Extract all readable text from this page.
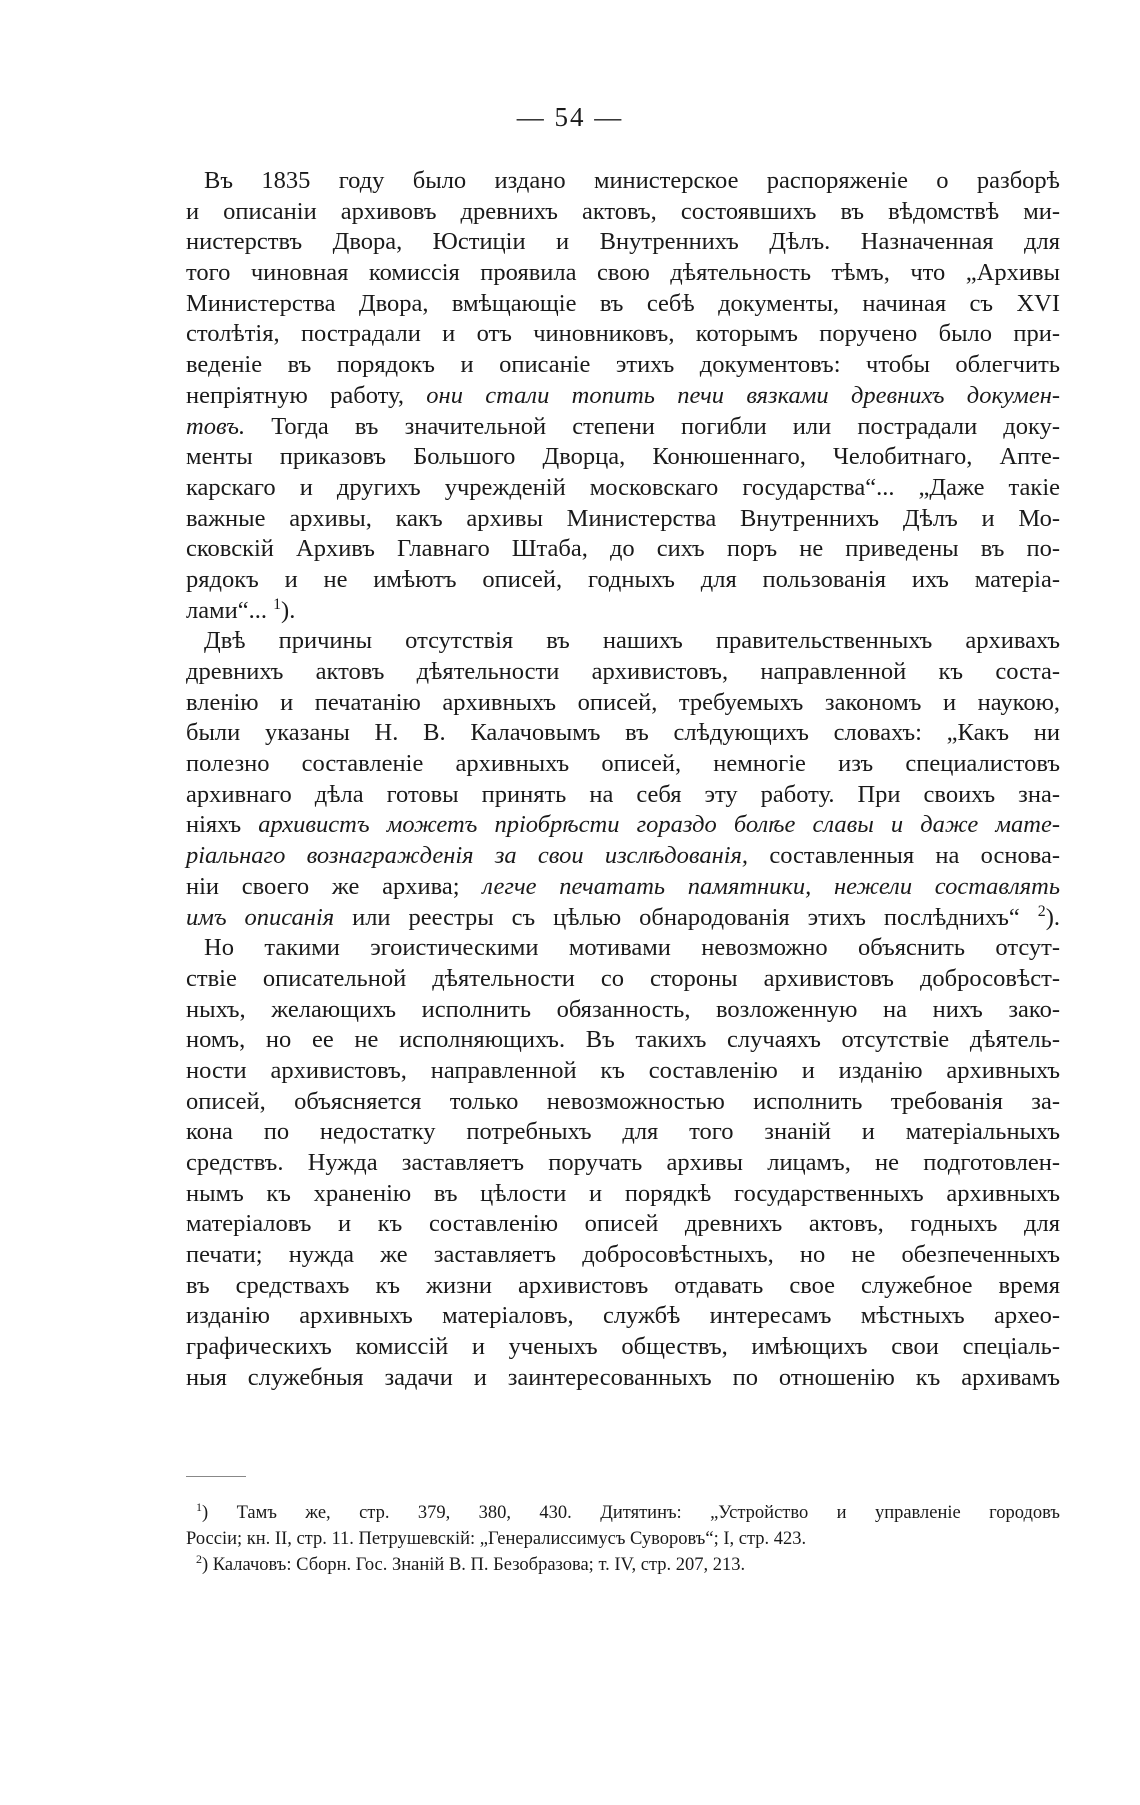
— 54 —
Въ 1835 году было издано министерское распоряженіе о разборѣ
и описаніи архивовъ древнихъ актовъ, состоявшихъ въ вѣдомствѣ ми-
нистерствъ Двора, Юстиціи и Внутреннихъ Дѣлъ. Назначенная для
того чиновная комиссія проявила свою дѣятельность тѣмъ, что „Архивы
Министерства Двора, вмѣщающіе въ себѣ документы, начиная съ XVI
столѣтія, пострадали и отъ чиновниковъ, которымъ поручено было при-
веденіе въ порядокъ и описаніе этихъ документовъ: чтобы облегчить
непріятную работу, они стали топить печи вязками древнихъ докумен-
товъ. Тогда въ значительной степени погибли или пострадали доку-
менты приказовъ Большого Дворца, Конюшеннаго, Челобитнаго, Апте-
карскаго и другихъ учрежденій московскаго государства“... „Даже такіе
важные архивы, какъ архивы Министерства Внутреннихъ Дѣлъ и Мо-
сковскій Архивъ Главнаго Штаба, до сихъ поръ не приведены въ по-
рядокъ и не имѣютъ описей, годныхъ для пользованія ихъ матеріа-
лами“... $^1$).
Двѣ причины отсутствія въ нашихъ правительственныхъ архивахъ
древнихъ актовъ дѣятельности архивистовъ, направленной къ соста-
вленію и печатанію архивныхъ описей, требуемыхъ закономъ и наукою,
были указаны Н. В. Калачовымъ въ слѣдующихъ словахъ: „Какъ ни
полезно составленіе архивныхъ описей, немногіе изъ специалистовъ
архивнаго дѣла готовы принять на себя эту работу. При своихъ зна-
ніяхъ архивистъ можетъ пріобрѣсти гораздо болѣе славы и даже мате-
ріальнаго вознагражденія за свои изслѣдованія, составленныя на основа-
ніи своего же архива; легче печатать памятники, нежели составлять
имъ описанія или реестры съ цѣлью обнародованія этихъ послѣднихъ“ $^2$).
Но такими эгоистическими мотивами невозможно объяснить отсут-
ствіе описательной дѣятельности со стороны архивистовъ добросовѣст-
ныхъ, желающихъ исполнить обязанность, возложенную на нихъ зако-
номъ, но ее не исполняющихъ. Въ такихъ случаяхъ отсутствіе дѣятель-
ности архивистовъ, направленной къ составленію и изданію архивныхъ
описей, объясняется только невозможностью исполнить требованія за-
кона по недостатку потребныхъ для того знаній и матеріальныхъ
средствъ. Нужда заставляетъ поручать архивы лицамъ, не подготовлен-
нымъ къ храненію въ цѣлости и порядкѣ государственныхъ архивныхъ
матеріаловъ и къ составленію описей древнихъ актовъ, годныхъ для
печати; нужда же заставляетъ добросовѣстныхъ, но не обезпеченныхъ
въ средствахъ къ жизни архивистовъ отдавать свое служебное время
изданію архивныхъ матеріаловъ, службѣ интересамъ мѣстныхъ археo-
графическихъ комиссій и ученыхъ обществъ, имѣющихъ свои спеціаль-
ныя служебныя задачи и заинтересованныхъ по отношенію къ архивамъ
$^1$) Тамъ же, стр. 379, 380, 430. Дитятинъ: „Устройство и управленіе городовъ
Россіи; кн. II, стр. 11. Петрушевскій: „Генералиссимусъ Суворовъ“; I, стр. 423.
$^2$) Калачовъ: Сборн. Гос. Знаній В. П. Безобразова; т. IV, стр. 207, 213.
